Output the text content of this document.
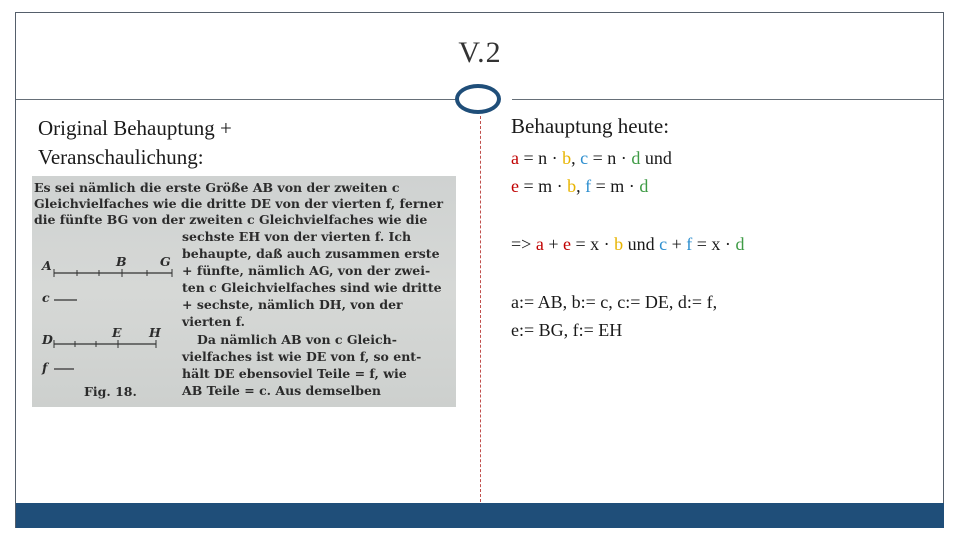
V.2
Original Behauptung +
Veranschaulichung:
Es sei nämlich die erste Größe AB von der zweiten c
Gleichvielfaches wie die dritte DE von der vierten f, ferner
die fünfte BG von der zweiten c Gleichvielfaches wie die
sechste EH von der vierten f. Ich
behaupte, daß auch zusammen erste
+ fünfte, nämlich AG, von der zwei-
ten c Gleichvielfaches sind wie dritte
+ sechste, nämlich DH, von der
vierten f.
Da nämlich AB von c Gleich-
vielfaches ist wie DE von f, so ent-
hält DE ebensoviel Teile = f, wie
AB Teile = c. Aus demselben
A	B	G
c
D	E H
f
Fig. 18.
Behauptung heute:
a = n · b, c = n · d und
e = m · b, f = m · d
=> a + e = x · b und c + f = x · d
a:= AB, b:= c, c:= DE, d:= f,
e:= BG, f:= EH
